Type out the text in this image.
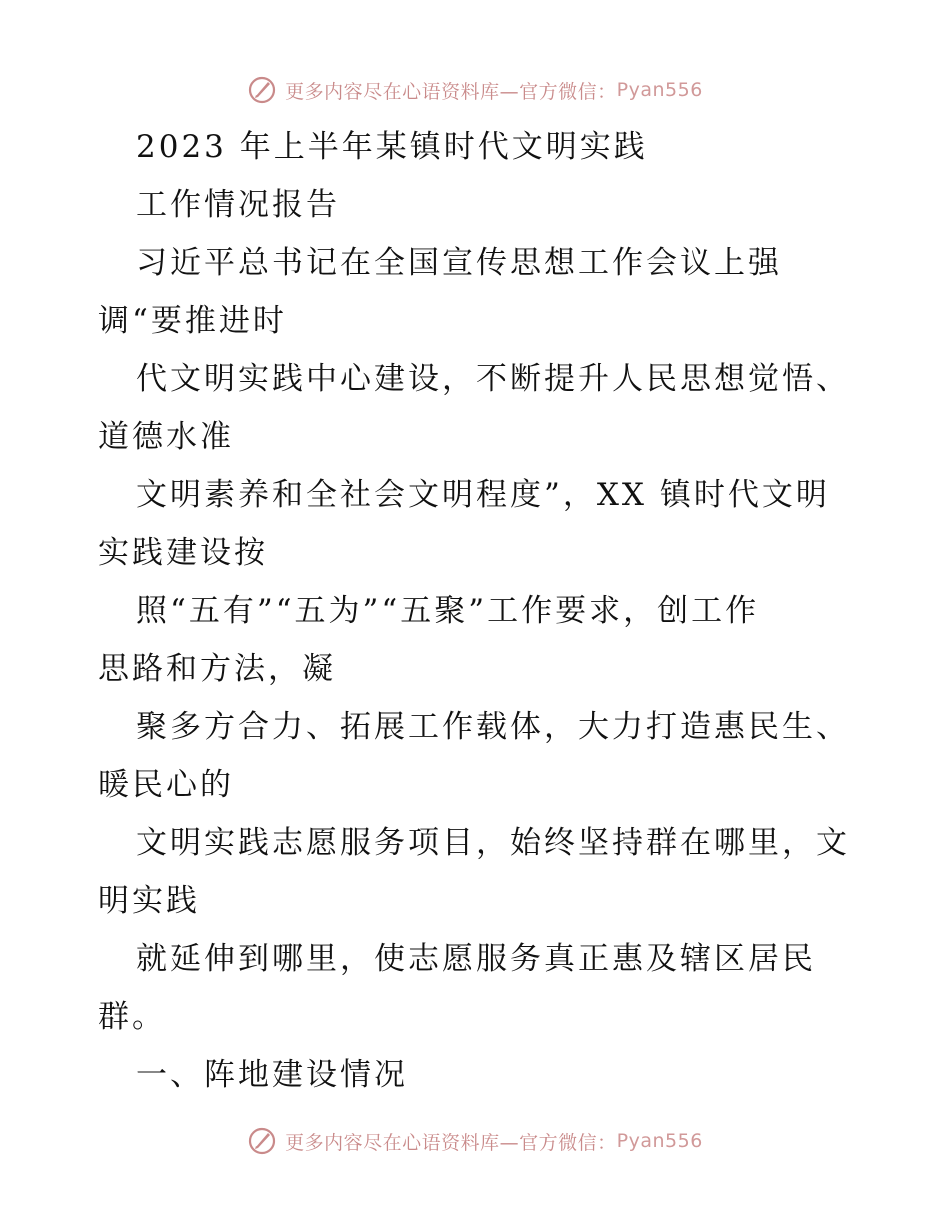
更多内容尽在心语资料库—官方微信： Pyan556
2023 年上半年某镇时代文明实践
工作情况报告
习近平总书记在全国宣传思想工作会议上强
调“要推进时
代文明实践中心建设，不断提升人民思想觉悟、
道德水准
文明素养和全社会文明程度”，XX 镇时代文明
实践建设按
照“五有”“五为”“五聚”工作要求，创工作
思路和方法，凝
聚多方合力、拓展工作载体，大力打造惠民生、
暖民心的
文明实践志愿服务项目，始终坚持群在哪里，文
明实践
就延伸到哪里，使志愿服务真正惠及辖区居民
群。
一、阵地建设情况
更多内容尽在心语资料库—官方微信： Pyan556
